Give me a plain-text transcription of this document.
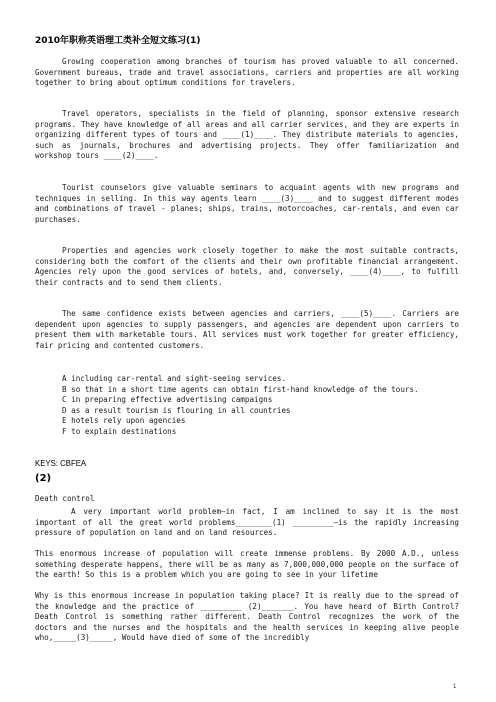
2010年职称英语理工类补全短文练习(1)
Growing cooperation among branches of tourism has proved valuable to all concerned. Government bureaus, trade and travel associations, carriers and properties are all working together to bring about optimum conditions for travelers.
Travel operators, specialists in the field of planning, sponsor extensive research programs. They have knowledge of all areas and all carrier services, and they are experts in organizing different types of tours and ____(1)____. They distribute materials to agencies, such as journals, brochures and advertising projects. They offer familiarization and workshop tours ____(2)____.
Tourist counselors give valuable seminars to acquaint agents with new programs and techniques in selling. In this way agents learn ____(3)____ and to suggest different modes and combinations of travel - planes; ships, trains, motorcoaches, car-rentals, and even car purchases.
Properties and agencies work closely together to make the most suitable contracts, considering both the comfort of the clients and their own profitable financial arrangement. Agencies rely upon the good services of hotels, and, conversely, ____(4)____, to fulfill their contracts and to send them clients.
The same confidence exists between agencies and carriers, ____(5)____. Carriers are dependent upon agencies to supply passengers, and agencies are dependent upon carriers to present them with marketable tours. All services must work together for greater efficiency, fair pricing and contented customers.
A including car-rental and sight-seeing services.
B so that in a short time agents can obtain first-hand knowledge of the tours.
C in preparing effective advertising campaigns
D as a result tourism is flouring in all countries
E hotels rely upon agencies
F to explain destinations
KEYS: CBFEA
(2)
Death control
A very important world problem—in fact, I am inclined to say it is the most important of all the great world problems________(1) _________—is the rapidly increasing pressure of population on land and on land resources.
This enormous increase of population will create immense problems. By 2000 A.D., unless something desperate happens, there will be as many as 7,000,000,000 people on the surface of the earth! So this is a problem which you are going to see in your lifetime
Why is this enormous increase in population taking place? It is really due to the spread of the knowledge and the practice of _________ (2)_______. You have heard of Birth Control? Death Control is something rather different. Death Control recognizes the work of the doctors and the nurses and the hospitals and the health services in keeping alive people who,_____(3)_____, Would have died of some of the incredibly
1
